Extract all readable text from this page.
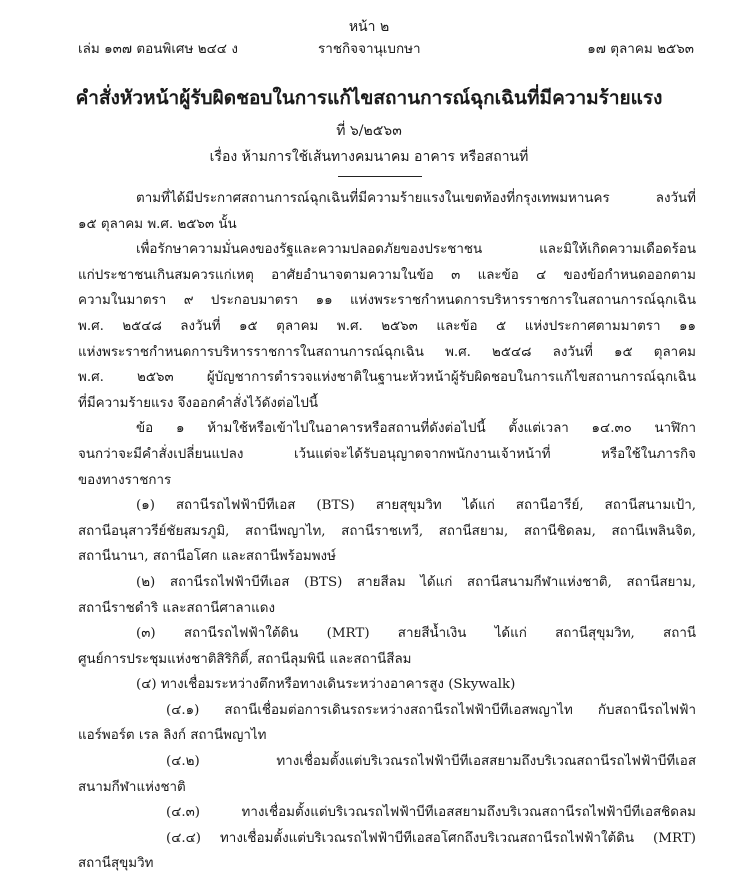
หน้า ๒
เล่ม ๑๓๗ ตอนพิเศษ ๒๔๔ ง	ราชกิจจานุเบกษา	๑๗ ตุลาคม ๒๕๖๓
คำสั่งหัวหน้าผู้รับผิดชอบในการแก้ไขสถานการณ์ฉุกเฉินที่มีความร้ายแรง
ที่ ๖/๒๕๖๓
เรื่อง ห้ามการใช้เส้นทางคมนาคม อาคาร หรือสถานที่
ตามที่ได้มีประกาศสถานการณ์ฉุกเฉินที่มีความร้ายแรงในเขตท้องที่กรุงเทพมหานคร ลงวันที่
๑๕ ตุลาคม พ.ศ. ๒๕๖๓ นั้น
เพื่อรักษาความมั่นคงของรัฐและความปลอดภัยของประชาชน และมิให้เกิดความเดือดร้อน
แก่ประชาชนเกินสมควรแก่เหตุ อาศัยอำนาจตามความในข้อ ๓ และข้อ ๔ ของข้อกำหนดออกตาม
ความในมาตรา ๙ ประกอบมาตรา ๑๑ แห่งพระราชกำหนดการบริหารราชการในสถานการณ์ฉุกเฉิน
พ.ศ. ๒๕๔๘ ลงวันที่ ๑๕ ตุลาคม พ.ศ. ๒๕๖๓ และข้อ ๕ แห่งประกาศตามมาตรา ๑๑
แห่งพระราชกำหนดการบริหารราชการในสถานการณ์ฉุกเฉิน พ.ศ. ๒๕๔๘ ลงวันที่ ๑๕ ตุลาคม
พ.ศ. ๒๕๖๓ ผู้บัญชาการตำรวจแห่งชาติในฐานะหัวหน้าผู้รับผิดชอบในการแก้ไขสถานการณ์ฉุกเฉิน
ที่มีความร้ายแรง จึงออกคำสั่งไว้ดังต่อไปนี้
ข้อ ๑ ห้ามใช้หรือเข้าไปในอาคารหรือสถานที่ดังต่อไปนี้ ตั้งแต่เวลา ๑๔.๓๐ นาฬิกา
จนกว่าจะมีคำสั่งเปลี่ยนแปลง เว้นแต่จะได้รับอนุญาตจากพนักงานเจ้าหน้าที่ หรือใช้ในภารกิจ
ของทางราชการ
(๑) สถานีรถไฟฟ้าบีทีเอส (BTS) สายสุขุมวิท ได้แก่ สถานีอารีย์, สถานีสนามเป้า,
สถานีอนุสาวรีย์ชัยสมรภูมิ, สถานีพญาไท, สถานีราชเทวี, สถานีสยาม, สถานีชิดลม, สถานีเพลินจิต,
สถานีนานา, สถานีอโศก และสถานีพร้อมพงษ์
(๒) สถานีรถไฟฟ้าบีทีเอส (BTS) สายสีลม ได้แก่ สถานีสนามกีฬาแห่งชาติ, สถานีสยาม,
สถานีราชดำริ และสถานีศาลาแดง
(๓) สถานีรถไฟฟ้าใต้ดิน (MRT) สายสีน้ำเงิน ได้แก่ สถานีสุขุมวิท, สถานี
ศูนย์การประชุมแห่งชาติสิริกิติ์, สถานีลุมพินี และสถานีสีลม
(๔) ทางเชื่อมระหว่างตึกหรือทางเดินระหว่างอาคารสูง (Skywalk)
(๔.๑) สถานีเชื่อมต่อการเดินรถระหว่างสถานีรถไฟฟ้าบีทีเอสพญาไท กับสถานีรถไฟฟ้า
แอร์พอร์ต เรล ลิงก์ สถานีพญาไท
(๔.๒) ทางเชื่อมตั้งแต่บริเวณรถไฟฟ้าบีทีเอสสยามถึงบริเวณสถานีรถไฟฟ้าบีทีเอส
สนามกีฬาแห่งชาติ
(๔.๓) ทางเชื่อมตั้งแต่บริเวณรถไฟฟ้าบีทีเอสสยามถึงบริเวณสถานีรถไฟฟ้าบีทีเอสชิดลม
(๔.๔) ทางเชื่อมตั้งแต่บริเวณรถไฟฟ้าบีทีเอสอโศกถึงบริเวณสถานีรถไฟฟ้าใต้ดิน (MRT)
สถานีสุขุมวิท
